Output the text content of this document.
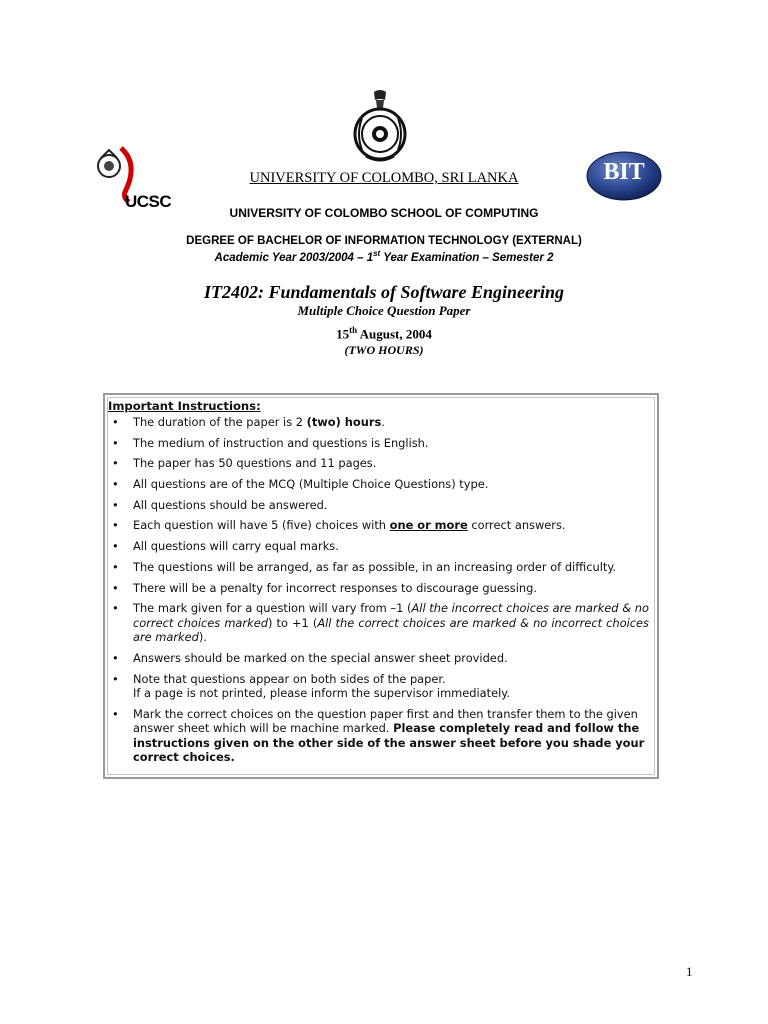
UCSC
BIT
UNIVERSITY OF COLOMBO, SRI LANKA
UNIVERSITY OF COLOMBO SCHOOL OF COMPUTING
DEGREE OF BACHELOR OF INFORMATION TECHNOLOGY (EXTERNAL)
Academic Year 2003/2004 – 1st Year Examination – Semester 2
IT2402: Fundamentals of Software Engineering
Multiple Choice Question Paper
15th August, 2004
(TWO HOURS)
Important Instructions:
• The duration of the paper is 2 (two) hours.
• The medium of instruction and questions is English.
• The paper has 50 questions and 11 pages.
• All questions are of the MCQ (Multiple Choice Questions) type.
• All questions should be answered.
• Each question will have 5 (five) choices with one or more correct answers.
• All questions will carry equal marks.
• The questions will be arranged, as far as possible, in an increasing order of difficulty.
• There will be a penalty for incorrect responses to discourage guessing.
• The mark given for a question will vary from –1 (All the incorrect choices are marked & no correct choices marked) to +1 (All the correct choices are marked & no incorrect choices are marked).
• Answers should be marked on the special answer sheet provided.
• Note that questions appear on both sides of the paper.
If a page is not printed, please inform the supervisor immediately.
• Mark the correct choices on the question paper first and then transfer them to the given answer sheet which will be machine marked. Please completely read and follow the instructions given on the other side of the answer sheet before you shade your correct choices.
1
